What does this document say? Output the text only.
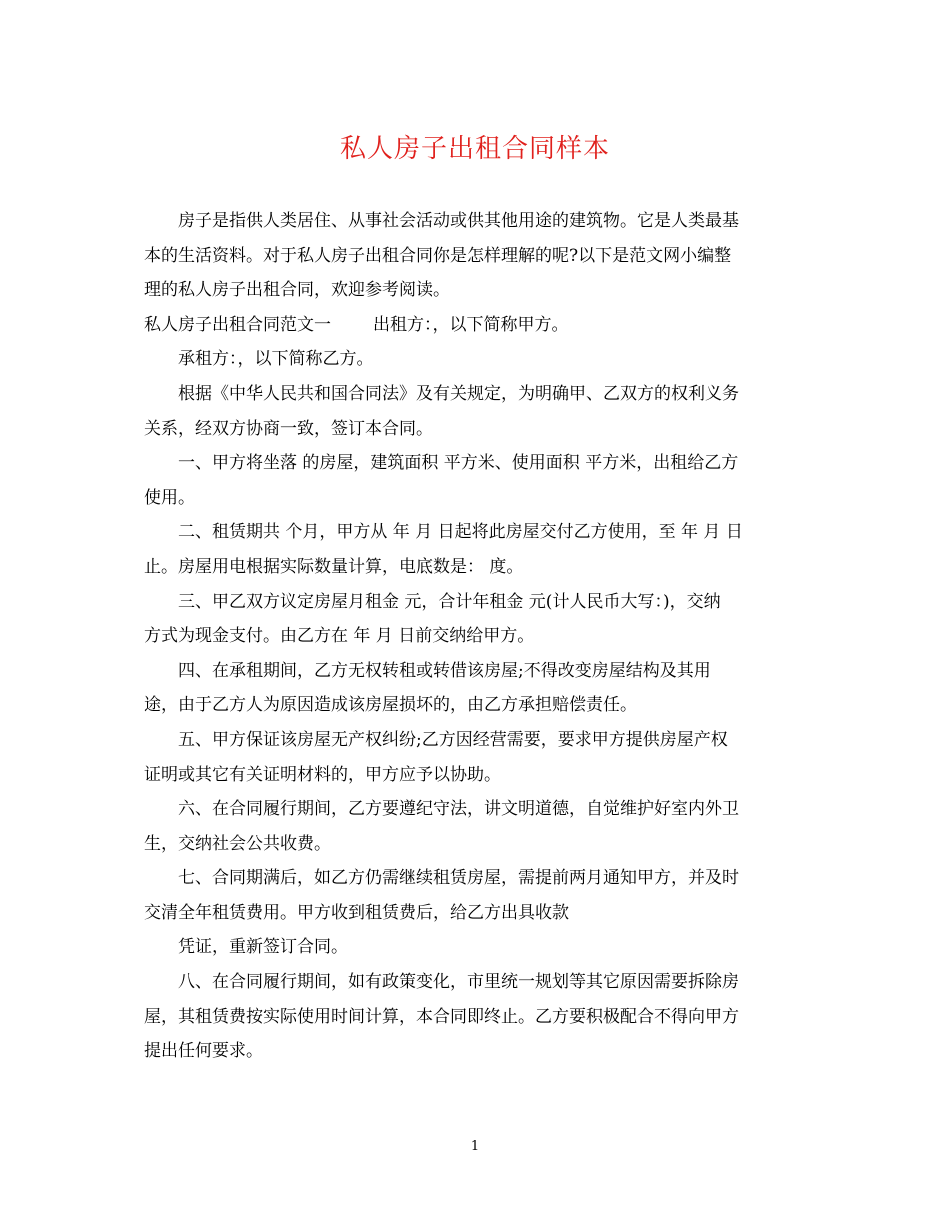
私人房子出租合同样本
房子是指供人类居住、从事社会活动或供其他用途的建筑物。它是人类最基
本的生活资料。对于私人房子出租合同你是怎样理解的呢?以下是范文网小编整
理的私人房子出租合同，欢迎参考阅读。
私人房子出租合同范文一 出租方：，以下简称甲方。
承租方：，以下简称乙方。
根据《中华人民共和国合同法》及有关规定，为明确甲、乙双方的权利义务
关系，经双方协商一致，签订本合同。
一、甲方将坐落 的房屋，建筑面积 平方米、使用面积 平方米，出租给乙方
使用。
二、租赁期共 个月，甲方从 年 月 日起将此房屋交付乙方使用，至 年 月 日
止。房屋用电根据实际数量计算，电底数是： 度。
三、甲乙双方议定房屋月租金 元，合计年租金 元(计人民币大写：)，交纳
方式为现金支付。由乙方在 年 月 日前交纳给甲方。
四、在承租期间，乙方无权转租或转借该房屋;不得改变房屋结构及其用
途，由于乙方人为原因造成该房屋损坏的，由乙方承担赔偿责任。
五、甲方保证该房屋无产权纠纷;乙方因经营需要，要求甲方提供房屋产权
证明或其它有关证明材料的，甲方应予以协助。
六、在合同履行期间，乙方要遵纪守法，讲文明道德，自觉维护好室内外卫
生，交纳社会公共收费。
七、合同期满后，如乙方仍需继续租赁房屋，需提前两月通知甲方，并及时
交清全年租赁费用。甲方收到租赁费后，给乙方出具收款
凭证，重新签订合同。
八、在合同履行期间，如有政策变化，市里统一规划等其它原因需要拆除房
屋，其租赁费按实际使用时间计算，本合同即终止。乙方要积极配合不得向甲方
提出任何要求。
1
